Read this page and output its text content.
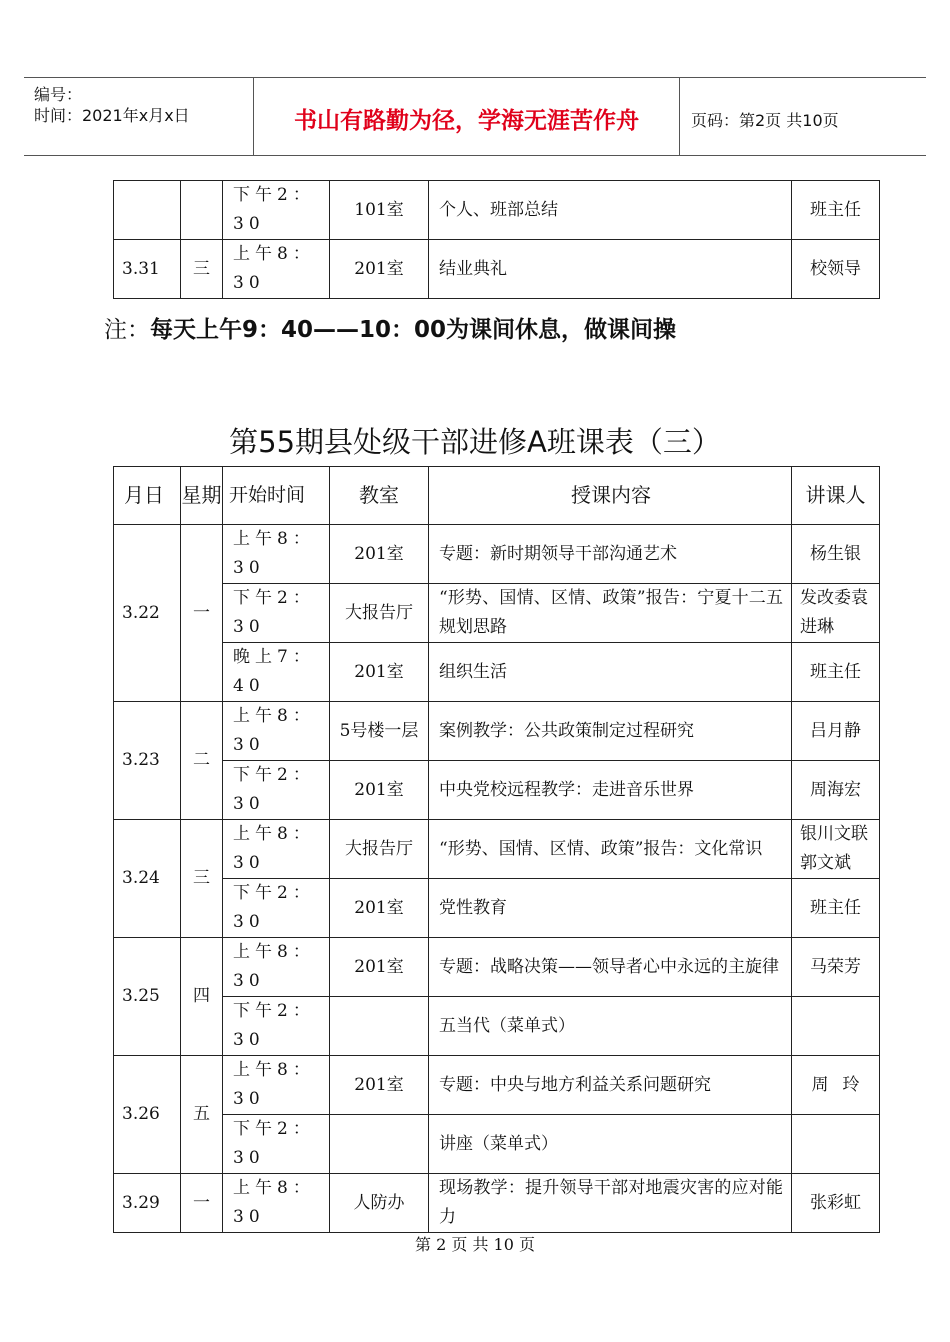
编号：
时间：2021年x月x日	书山有路勤为径，学海无涯苦作舟	页码：第2页 共10页
		下午2：30	101室	个人、班部总结	班主任
3.31	三	上午8：30	201室	结业典礼	校领导
注：每天上午9：40——10：00为课间休息，做课间操
第55期县处级干部进修A班课表（三）
月日	星期	开始时间	教室	授课内容	讲课人
3.22	一	上午8：30	201室	专题：新时期领导干部沟通艺术	杨生银
		下午2：30	大报告厅	“形势、国情、区情、政策”报告：宁夏十二五规划思路	发改委袁进琳
		晚上7：40	201室	组织生活	班主任
3.23	二	上午8：30	5号楼一层	案例教学：公共政策制定过程研究	吕月静
		下午2：30	201室	中央党校远程教学：走进音乐世界	周海宏
3.24	三	上午8：30	大报告厅	“形势、国情、区情、政策”报告：文化常识	银川文联郭文斌
		下午2：30	201室	党性教育	班主任
3.25	四	上午8：30	201室	专题：战略决策——领导者心中永远的主旋律	马荣芳
		下午2：30		五当代（菜单式）	
3.26	五	上午8：30	201室	专题：中央与地方利益关系问题研究	周玲
		下午2：30		讲座（菜单式）	
3.29	一	上午8：30	人防办	现场教学：提升领导干部对地震灾害的应对能力	张彩虹
第 2 页 共 10 页
